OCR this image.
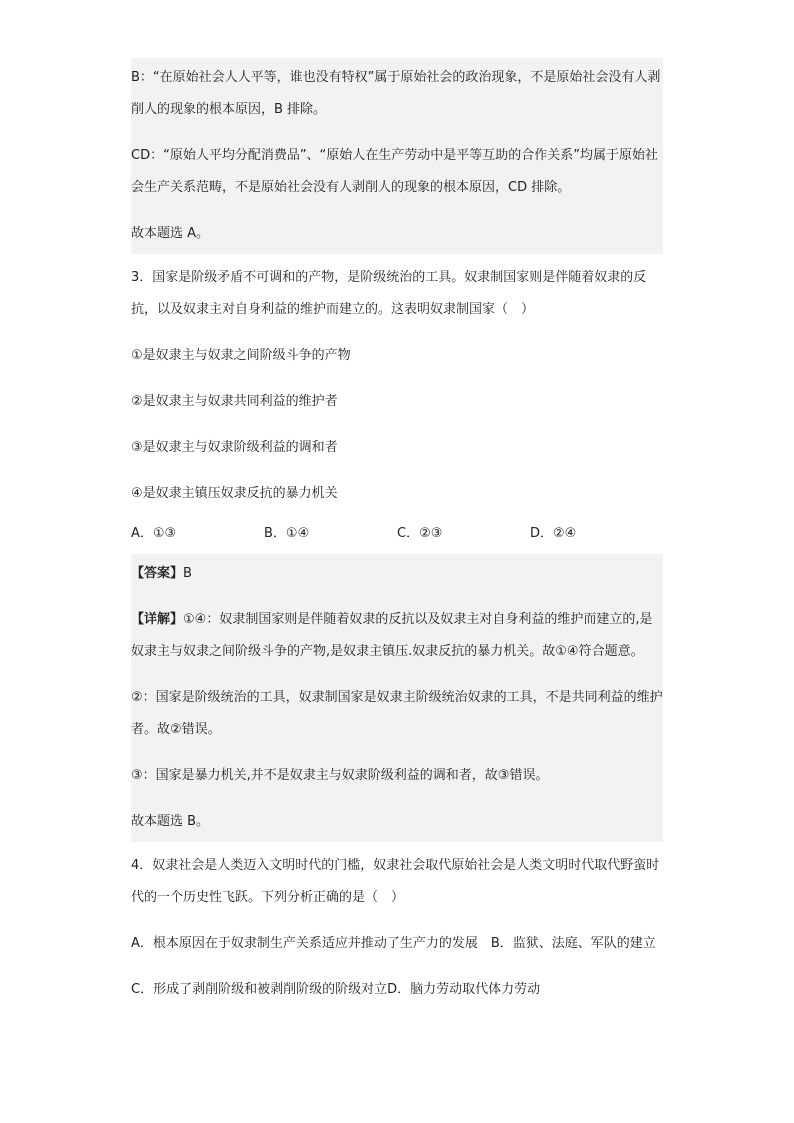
B：“在原始社会人人平等，谁也没有特权”属于原始社会的政治现象，不是原始社会没有人剥削人的现象的根本原因，B 排除。
CD：“原始人平均分配消费品”、“原始人在生产劳动中是平等互助的合作关系”均属于原始社会生产关系范畴，不是原始社会没有人剥削人的现象的根本原因，CD 排除。
故本题选 A。
3．国家是阶级矛盾不可调和的产物，是阶级统治的工具。奴隶制国家则是伴随着奴隶的反抗，以及奴隶主对自身利益的维护而建立的。这表明奴隶制国家（　）
①是奴隶主与奴隶之间阶级斗争的产物
②是奴隶主与奴隶共同利益的维护者
③是奴隶主与奴隶阶级利益的调和者
④是奴隶主镇压奴隶反抗的暴力机关
A．①③	B．①④	C．②③	D．②④
【答案】B
【详解】①④：奴隶制国家则是伴随着奴隶的反抗以及奴隶主对自身利益的维护而建立的,是奴隶主与奴隶之间阶级斗争的产物,是奴隶主镇压.奴隶反抗的暴力机关。故①④符合题意。
②：国家是阶级统治的工具，奴隶制国家是奴隶主阶级统治奴隶的工具，不是共同利益的维护者。故②错误。
③：国家是暴力机关,并不是奴隶主与奴隶阶级利益的调和者，故③错误。
故本题选 B。
4．奴隶社会是人类迈入文明时代的门槛，奴隶社会取代原始社会是人类文明时代取代野蛮时代的一个历史性飞跃。下列分析正确的是（　）
A．根本原因在于奴隶制生产关系适应并推动了生产力的发展　B．监狱、法庭、军队的建立
C．形成了剥削阶级和被剥削阶级的阶级对立D．脑力劳动取代体力劳动
